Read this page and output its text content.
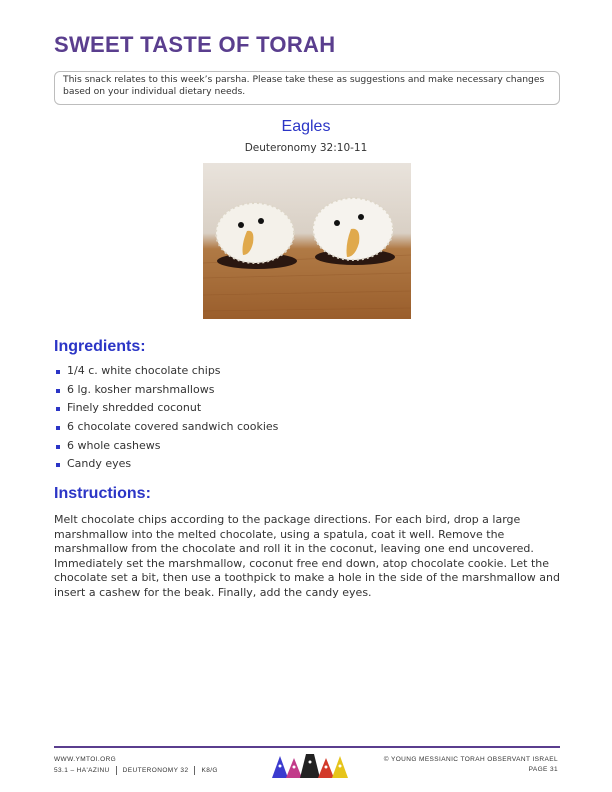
SWEET TASTE OF TORAH
This snack relates to this week’s parsha. Please take these as suggestions and make necessary changes based on your individual dietary needs.
Eagles
Deuteronomy 32:10-11
Ingredients:
1/4 c. white chocolate chips
6 lg. kosher marshmallows
Finely shredded coconut
6 chocolate covered sandwich cookies
6 whole cashews
Candy eyes
Instructions:
Melt chocolate chips according to the package directions. For each bird, drop a large marshmallow into the melted chocolate, using a spatula, coat it well. Remove the marshmallow from the chocolate and roll it in the coconut, leaving one end uncovered. Immediately set the marshmallow, coconut free end down, atop chocolate cookie. Let the chocolate set a bit, then use a toothpick to make a hole in the side of the marshmallow and insert a cashew for the beak. Finally, add the candy eyes.
WWW.YMTOI.ORG	© YOUNG MESSIANIC TORAH OBSERVANT ISRAEL
53.1 – HA'AZINU DEUTERONOMY 32 K8/G	PAGE 31
